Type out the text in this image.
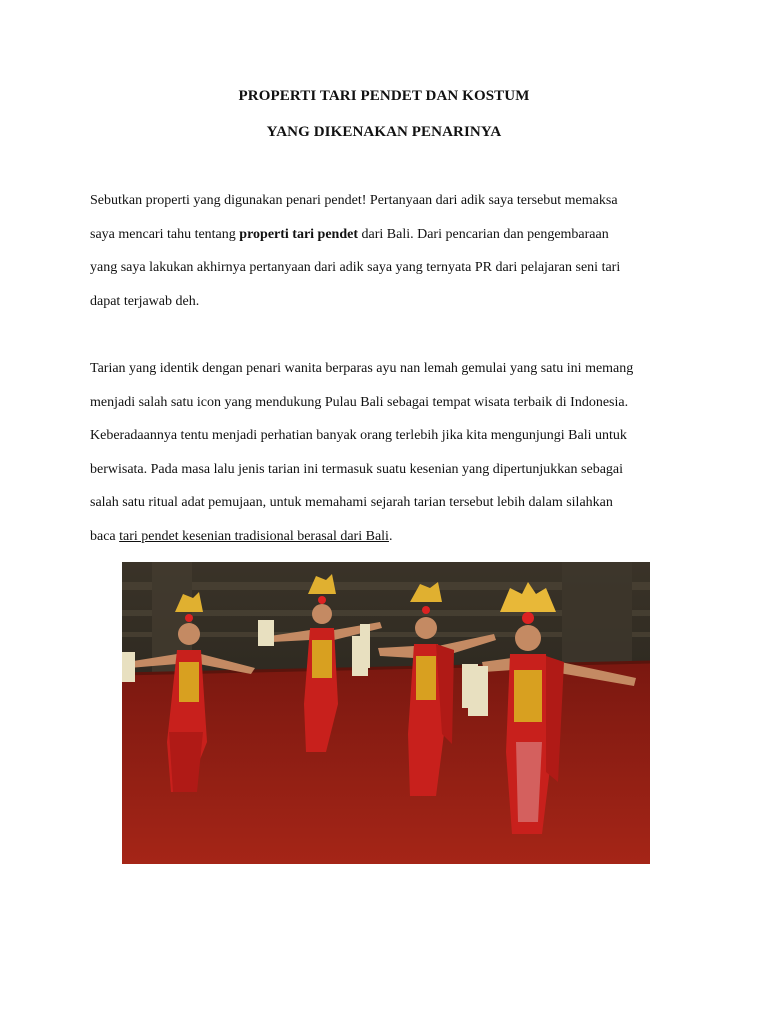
PROPERTI TARI PENDET DAN KOSTUM
YANG DIKENAKAN PENARINYA
Sebutkan properti yang digunakan penari pendet! Pertanyaan dari adik saya tersebut memaksa
saya mencari tahu tentang properti tari pendet dari Bali. Dari pencarian dan pengembaraan
yang saya lakukan akhirnya pertanyaan dari adik saya yang ternyata PR dari pelajaran seni tari
dapat terjawab deh.
Tarian yang identik dengan penari wanita berparas ayu nan lemah gemulai yang satu ini memang
menjadi salah satu icon yang mendukung Pulau Bali sebagai tempat wisata terbaik di Indonesia.
Keberadaannya tentu menjadi perhatian banyak orang terlebih jika kita mengunjungi Bali untuk
berwisata. Pada masa lalu jenis tarian ini termasuk suatu kesenian yang dipertunjukkan sebagai
salah satu ritual adat pemujaan, untuk memahami sejarah tarian tersebut lebih dalam silahkan
baca tari pendet kesenian tradisional berasal dari Bali.
